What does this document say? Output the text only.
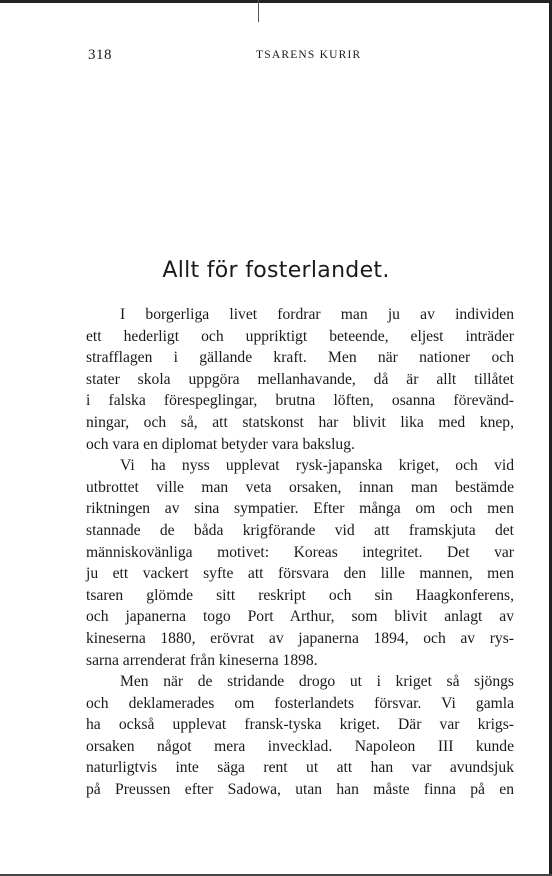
318	TSARENS KURIR
Allt för fosterlandet.
I borgerliga livet fordrar man ju av individen
ett hederligt och uppriktigt beteende, eljest inträder
strafflagen i gällande kraft. Men när nationer och
stater skola uppgöra mellanhavande, då är allt tillåtet
i falska förespeglingar, brutna löften, osanna förevänd-
ningar, och så, att statskonst har blivit lika med knep,
och vara en diplomat betyder vara bakslug.
Vi ha nyss upplevat rysk-japanska kriget, och vid
utbrottet ville man veta orsaken, innan man bestämde
riktningen av sina sympatier. Efter många om och men
stannade de båda krigförande vid att framskjuta det
människovänliga motivet: Koreas integritet. Det var
ju ett vackert syfte att försvara den lille mannen, men
tsaren glömde sitt reskript och sin Haagkonferens,
och japanerna togo Port Arthur, som blivit anlagt av
kineserna 1880, erövrat av japanerna 1894, och av rys-
sarna arrenderat från kineserna 1898.
Men när de stridande drogo ut i kriget så sjöngs
och deklamerades om fosterlandets försvar. Vi gamla
ha också upplevat fransk-tyska kriget. Där var krigs-
orsaken något mera invecklad. Napoleon III kunde
naturligtvis inte säga rent ut att han var avundsjuk
på Preussen efter Sadowa, utan han måste finna på en
